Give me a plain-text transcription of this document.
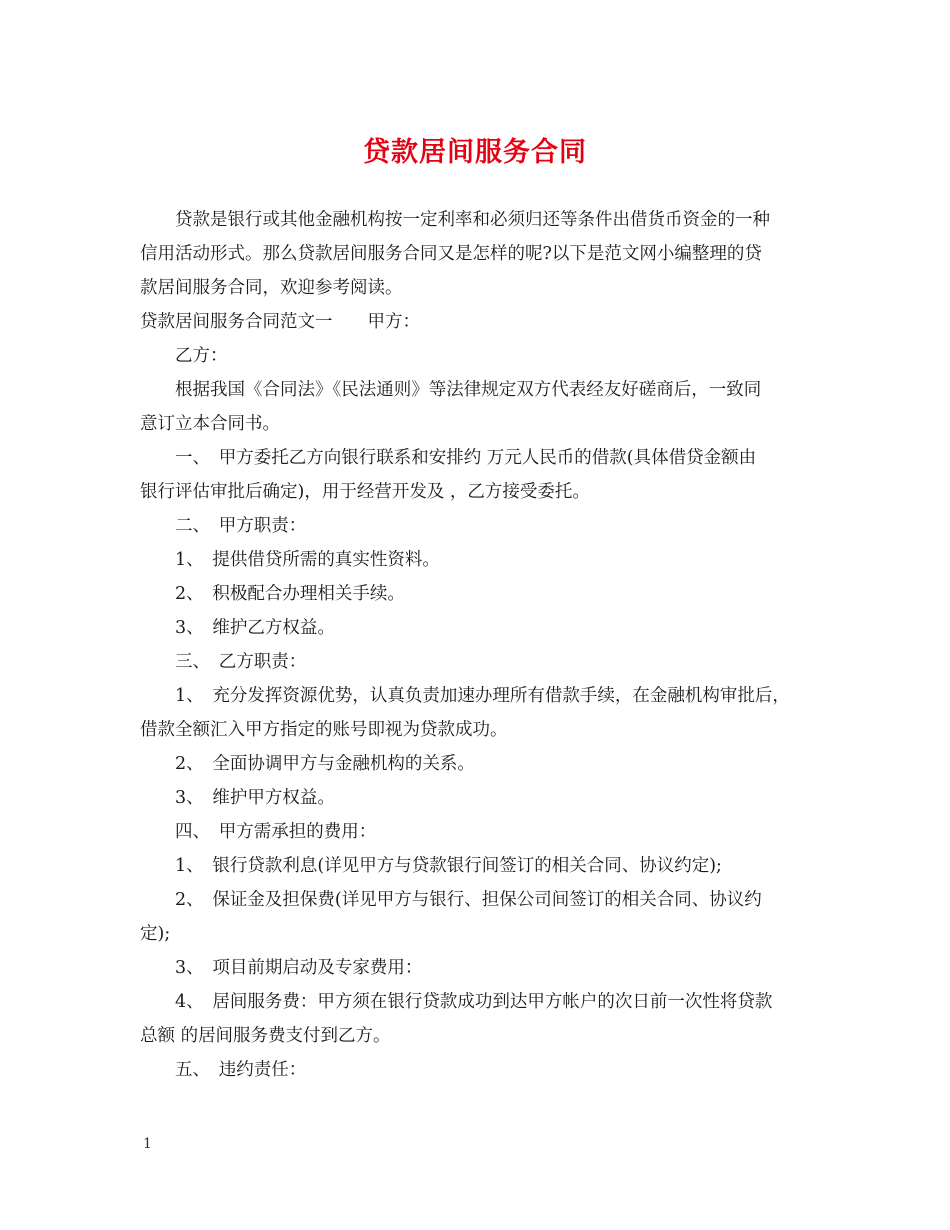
贷款居间服务合同
贷款是银行或其他金融机构按一定利率和必须归还等条件出借货币资金的一种
信用活动形式。那么贷款居间服务合同又是怎样的呢?以下是范文网小编整理的贷
款居间服务合同，欢迎参考阅读。
贷款居间服务合同范文一　　甲方：
乙方：
根据我国《合同法》《民法通则》等法律规定双方代表经友好磋商后，一致同
意订立本合同书。
一、　甲方委托乙方向银行联系和安排约 万元人民币的借款(具体借贷金额由
银行评估审批后确定)，用于经营开发及 ，乙方接受委托。
二、　甲方职责：
1、　提供借贷所需的真实性资料。
2、　积极配合办理相关手续。
3、　维护乙方权益。
三、　乙方职责：
1、　充分发挥资源优势，认真负责加速办理所有借款手续，在金融机构审批后，
借款全额汇入甲方指定的账号即视为贷款成功。
2、　全面协调甲方与金融机构的关系。
3、　维护甲方权益。
四、　甲方需承担的费用：
1、　银行贷款利息(详见甲方与贷款银行间签订的相关合同、协议约定);
2、　保证金及担保费(详见甲方与银行、担保公司间签订的相关合同、协议约
定);
3、　项目前期启动及专家费用：
4、　居间服务费：甲方须在银行贷款成功到达甲方帐户的次日前一次性将贷款
总额 的居间服务费支付到乙方。
五、　违约责任：
1
